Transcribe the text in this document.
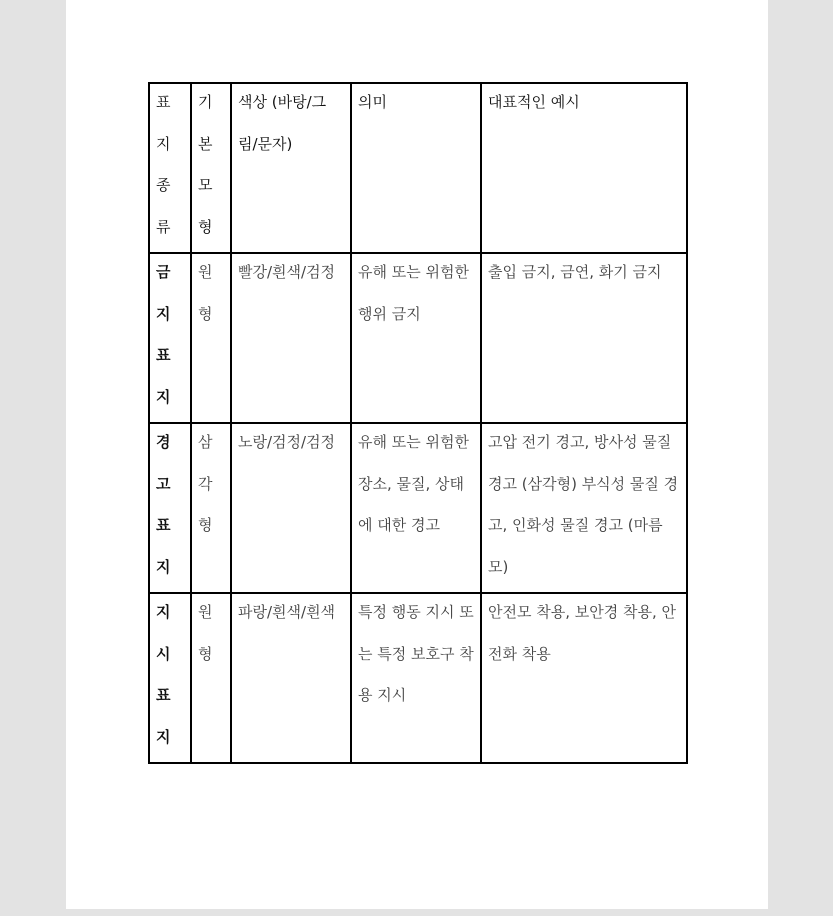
표지 종류	기본 모형	색상 (바탕/그림/문자)	의미	대표적인 예시

금지 표지	원형	빨강/흰색/검정	유해 또는 위험한 행위 금지	출입 금지, 금연, 화기 금지

경고 표지	삼각형	노랑/검정/검정	유해 또는 위험한 장소, 물질, 상태에 대한 경고	고압 전기 경고, 방사성 물질 경고 (삼각형) 부식성 물질 경고, 인화성 물질 경고 (마름모)

지시 표지	원형	파랑/흰색/흰색	특정 행동 지시 또는 특정 보호구 착용 지시	안전모 착용, 보안경 착용, 안전화 착용
